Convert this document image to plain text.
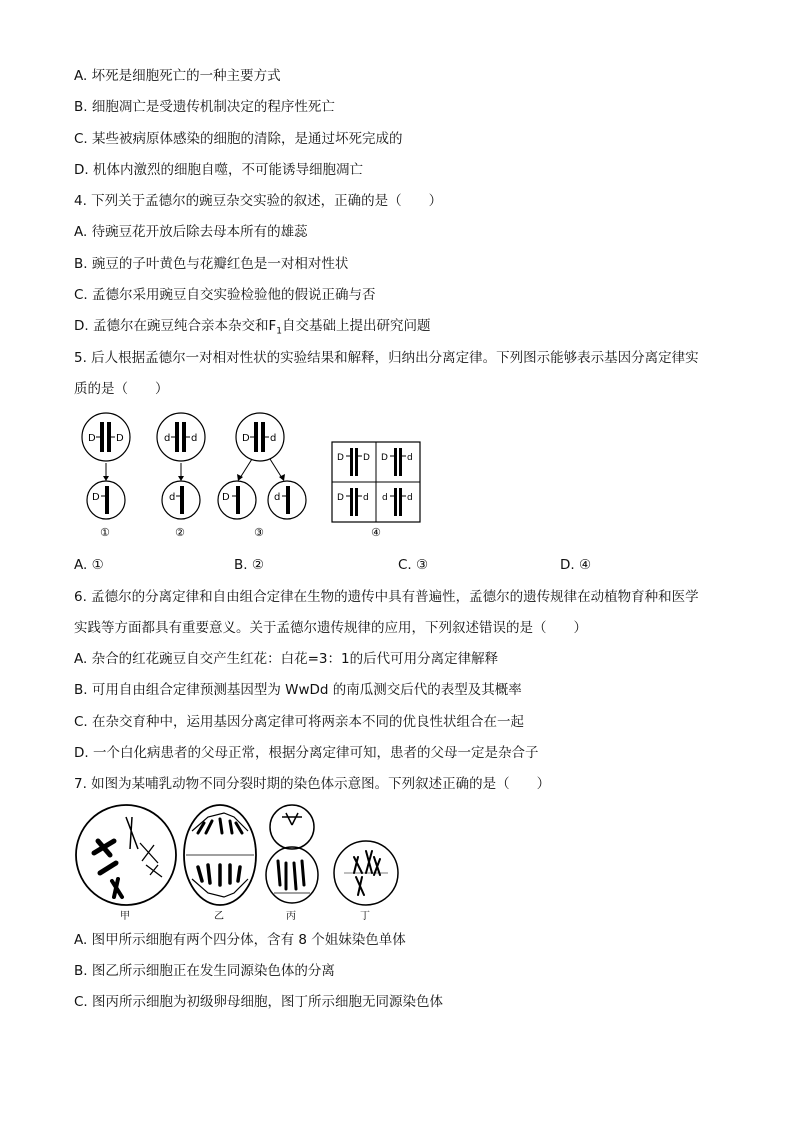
A. 坏死是细胞死亡的一种主要方式
B. 细胞凋亡是受遗传机制决定的程序性死亡
C. 某些被病原体感染的细胞的清除，是通过坏死完成的
D. 机体内激烈的细胞自噬，不可能诱导细胞凋亡
4. 下列关于孟德尔的豌豆杂交实验的叙述，正确的是（　　）
A. 待豌豆花开放后除去母本所有的雄蕊
B. 豌豆的子叶黄色与花瓣红色是一对相对性状
C. 孟德尔采用豌豆自交实验检验他的假说正确与否
D. 孟德尔在豌豆纯合亲本杂交和$F_1$自交基础上提出研究问题
5. 后人根据孟德尔一对相对性状的实验结果和解释，归纳出分离定律。下列图示能够表示基因分离定律实
质的是（　　）
D D
D
①
d d
d
②
D d
D	d
③
D D D d
D d d d
④
A. ①	B. ②	C. ③	D. ④
6. 孟德尔的分离定律和自由组合定律在生物的遗传中具有普遍性，孟德尔的遗传规律在动植物育种和医学
实践等方面都具有重要意义。关于孟德尔遗传规律的应用，下列叙述错误的是（　　）
A. 杂合的红花豌豆自交产生红花：白花=3：1的后代可用分离定律解释
B. 可用自由组合定律预测基因型为 WwDd 的南瓜测交后代的表型及其概率
C. 在杂交育种中，运用基因分离定律可将两亲本不同的优良性状组合在一起
D. 一个白化病患者的父母正常，根据分离定律可知，患者的父母一定是杂合子
7. 如图为某哺乳动物不同分裂时期的染色体示意图。下列叙述正确的是（　　）
甲	乙	丙	丁
A. 图甲所示细胞有两个四分体，含有 8 个姐妹染色单体
B. 图乙所示细胞正在发生同源染色体的分离
C. 图丙所示细胞为初级卵母细胞，图丁所示细胞无同源染色体
